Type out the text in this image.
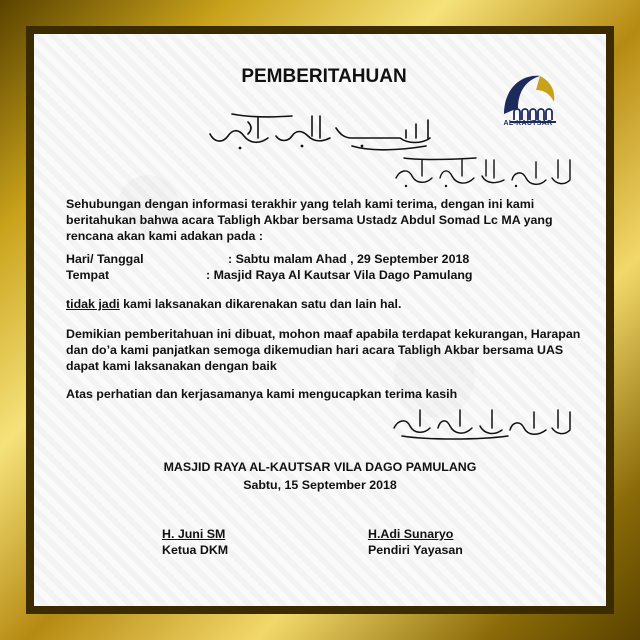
PEMBERITAHUAN
AL-KAUTSAR
Sehubungan dengan informasi terakhir yang telah kami terima, dengan ini kami beritahukan bahwa acara Tabligh Akbar bersama Ustadz Abdul Somad Lc MA yang rencana akan kami adakan pada :
Hari/ Tanggal	: Sabtu malam Ahad , 29 September 2018
Tempat	: Masjid Raya Al Kautsar Vila Dago Pamulang
tidak jadi kami laksanakan dikarenakan satu dan lain hal.
Demikian pemberitahuan ini dibuat, mohon maaf apabila terdapat kekurangan, Harapan dan do’a kami panjatkan semoga dikemudian hari acara Tabligh Akbar bersama UAS dapat kami laksanakan dengan baik
Atas perhatian dan kerjasamanya kami mengucapkan terima kasih
MASJID RAYA AL-KAUTSAR VILA DAGO PAMULANG
Sabtu, 15 September 2018
H. Juni SM
Ketua DKM
H.Adi Sunaryo
Pendiri Yayasan
